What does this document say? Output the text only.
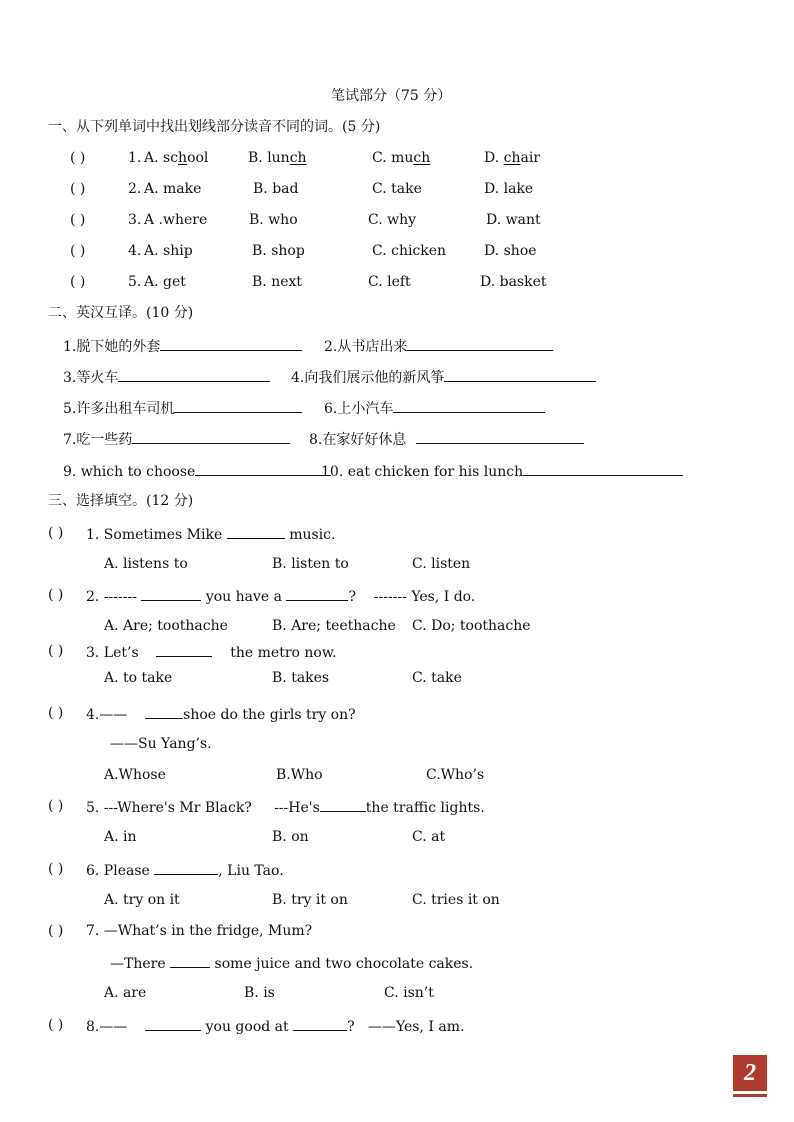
笔试部分（75 分）
一、从下列单词中找出划线部分读音不同的词。(5 分)
( )	1. A. school	B. lunch	C. much	D. chair
( )	2. A. make	B. bad	C. take	D. lake
( )	3. A .where	B. who	C. why	D. want
( )	4. A. ship	B. shop	C. chicken	D. shoe
( )	5. A. get	B. next	C. left	D. basket
二、英汉互译。(10 分)
1.脱下她的外套	2.从书店出来
3.等火车	4.向我们展示他的新风筝
5.许多出租车司机	6.上小汽车
7.吃一些药	8.在家好好休息
9. which to choose	10. eat chicken for his lunch
三、选择填空。(12 分)
( ) 1. Sometimes Mike	music.
A. listens to	B. listen to	C. listen
( ) 2. -------	you have a	? ------- Yes, I do.
A. Are; toothache	B. Are; teethache C. Do; toothache
( ) 3. Let’s	the metro now.
A. to take	B. takes	C. take
( ) 4.——	shoe do the girls try on?
——Su Yang’s.
A.Whose	B.Who	C.Who’s
( ) 5. ---Where's Mr Black? ---He's	the traffic lights.
A. in	B. on	C. at
( ) 6. Please	, Liu Tao.
A. try on it	B. try it on	C. tries it on
( ) 7. —What’s in the fridge, Mum?
—There	some juice and two chocolate cakes.
A. are	B. is	C. isn’t
( ) 8.——	you good at	? ——Yes, I am.
2
